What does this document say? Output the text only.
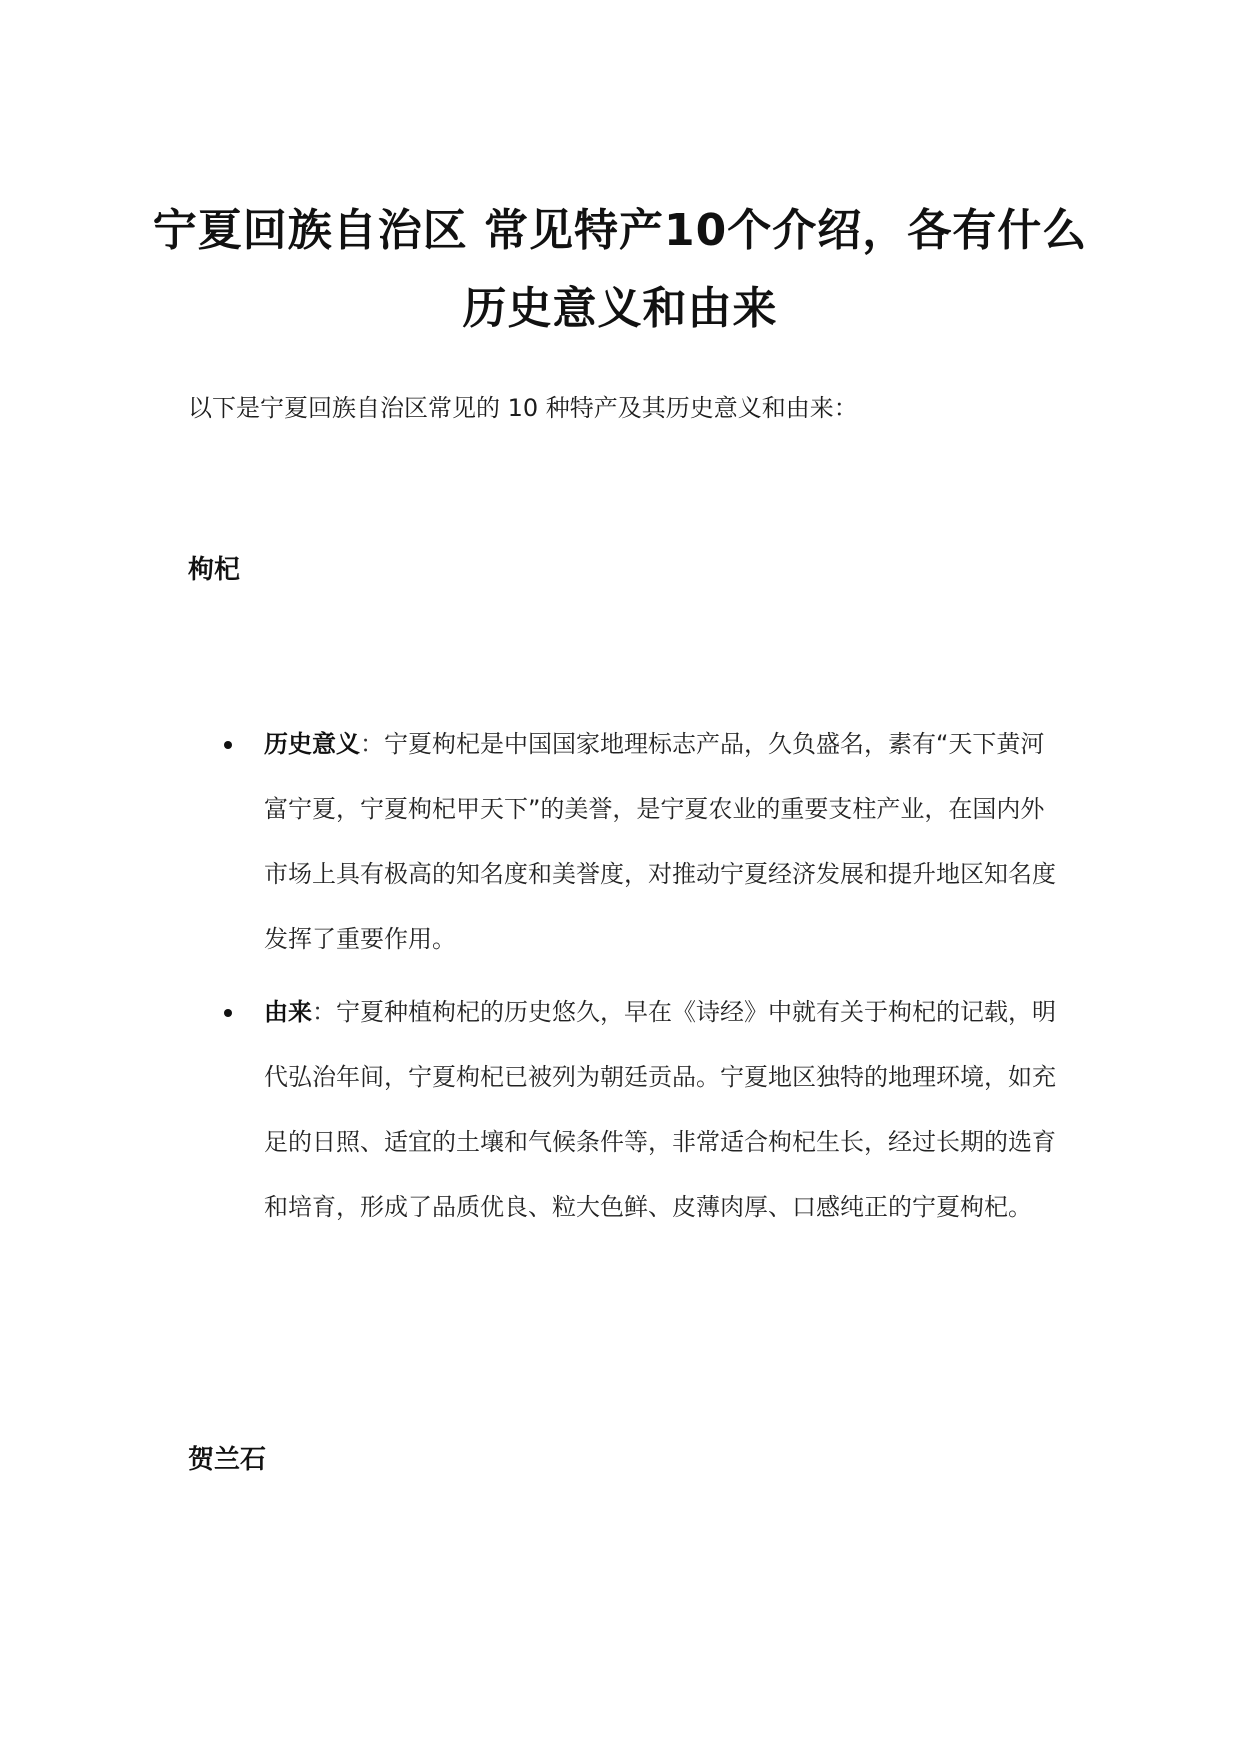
宁夏回族自治区 常见特产10个介绍，各有什么历史意义和由来

以下是宁夏回族自治区常见的 10 种特产及其历史意义和由来：

枸杞
历史意义：宁夏枸杞是中国国家地理标志产品，久负盛名，素有“天下黄河富宁夏，宁夏枸杞甲天下”的美誉，是宁夏农业的重要支柱产业，在国内外市场上具有极高的知名度和美誉度，对推动宁夏经济发展和提升地区知名度发挥了重要作用。
由来：宁夏种植枸杞的历史悠久，早在《诗经》中就有关于枸杞的记载，明代弘治年间，宁夏枸杞已被列为朝廷贡品。宁夏地区独特的地理环境，如充足的日照、适宜的土壤和气候条件等，非常适合枸杞生长，经过长期的选育和培育，形成了品质优良、粒大色鲜、皮薄肉厚、口感纯正的宁夏枸杞。
贺兰石
